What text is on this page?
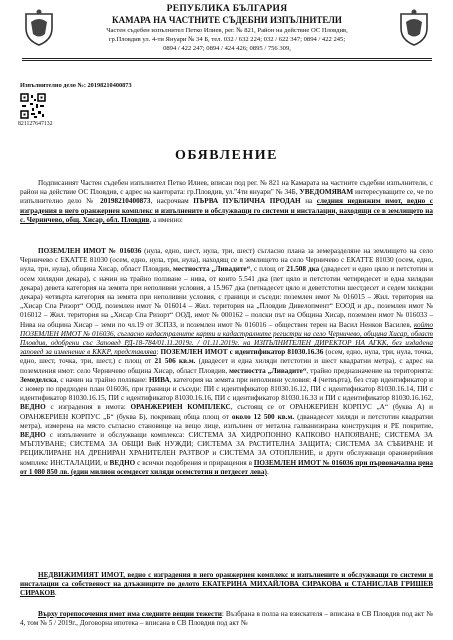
РЕПУБЛИКА БЪЛГАРИЯ
КАМАРА НА ЧАСТНИТЕ СЪДЕБНИ ИЗПЪЛНИТЕЛИ
Частен съдебен изпълнител Петко Илиев, рег. № 821, Район на действие ОС Пловдив,
гр.Пловдив ул. 4-ти Януари № 34 Б, тел. 032 / 632 224; 032 / 622 347; 0894 / 422 245;
0894 / 422 247; 0894 / 424 426; 0895 / 756 309,
Изпълнително дело №: 20198210400873
821127647132
ОБЯВЛЕНИЕ
Подписаният Частен съдебен изпълнител Петко Илиев, вписан под рег. № 821 на Камарата на частните съдебни изпълнители, с район на действие ОС Пловдив, с адрес на кантората: гр.Пловдив, ул."4ти януари" № 34Б, УВЕДОМЯВАМ интересуващите се, че по изпълнително дело № 20198210400873, насрочвам ПЪРВА ПУБЛИЧНА ПРОДАН на следния недвижим имот, ведно с изградения в него оранжериен комплекс и изпълнените и обслужващи го системи и инсталации, находящи се в землището на с. Черничево, общ. Хисар, обл. Пловдив, а именно:
ПОЗЕМЛЕН ИМОТ № 016036 (нула, едно, шест, нула, три, шест) съгласно плана за земеразделяне на землището на село Черничево с ЕКАТТЕ 81030 (осем, едно, нула, три, нула), находящ се в землището на село Черничево с ЕКАТТЕ 81030 (осем, едно, нула, три, нула), община Хисар, област Пловдив, местността „Ливадите“, с площ от 21.508 дка (двадесет и едно цяло и петстотин и осем хилядни декара), с начин на трайно ползване – нива, от които 5.541 дка (пет цяло и петстотин четиридесет и една хилядни декара) девета категория на земята при неполивни условия, а 15.967 дка (петнадесет цяло и деветстотин шестдесет и седем хилядни декара) четвърта категория на земята при неполивни условия, с граници и съседи: поземлен имот № 016015 – Жил. територия на „Хисар Спа Ризорт“ ООД, поземлен имот № 016014 – Жил. територия на „Пловдив Дивелопмент“ ЕООД и др., поземлен имот № 016012 – Жил. територия на „Хисар Спа Ризорт“ ООД, имот № 000162 – полски път на Община Хисар, поземлен имот № 016033 – Нива на община Хисар – земи по чл.19 от ЗСПЗЗ, и поземлен имот № 016016 – обществен терен на Васил Ненков Василев, който ПОЗЕМЛЕН ИМОТ № 016036, съгласно кадастралните карти и кадастралните регистри на село Черничево, община Хисар, област Пловдив, одобрени със Заповед РД-18-784/01.11.2019г. / 01.11.2019г. на ИЗПЪЛНИТЕЛЕН ДИРЕКТОР НА АГКК, без издадена заповед за изменение в КККР, представлява: ПОЗЕМЛЕН ИМОТ с идентификатор 81030.16.36 (осем, едно, нула, три, нула, точка, едно, шест, точка, три, шест,) с площ от 21 506 кв.м. (двадесет и една хиляди петстотин и шест квадратни метра), с адрес на поземления имот: село Черничево община Хисар, област Пловдив, местността „Ливадите“, трайно предназначение на територията: Земеделска, с начин на трайно ползване: НИВА, категория на земята при неполивни условия: 4 (четвърта), без стар идентификатор и с номер по предходен план 016036, при граници и съседи: ПИ с идентификатор 81030.16.12, ПИ с идентификатор 81030.16.14, ПИ с идентификатор 81030.16.15, ПИ с идентификатор 81030.16.16, ПИ с идентификатор 81030.16.33 и ПИ с идентификатор 81030.16.162, ВЕДНО с изградения в имота: ОРАНЖЕРИЕН КОМПЛЕКС, състоящ се от ОРАНЖЕРИЕН КОРПУС „А“ (буква А) и ОРАНЖЕРИЕН КОРПУС „Б“ (буква Б), покриващ обща площ от около 12 500 кв.м. (дванадесет хиляди и петстотин квадратни метра), измерена на място съгласно становище на вещо лице, изпълнен от метална галванизирана конструкция и PE покритие, ВЕДНО с изпълнените и обслужващи комплекса: СИСТЕМА ЗА ХИДРОПОННО КАПКОВО НАПОЯВАНЕ; СИСТЕМА ЗА МЪГЛУВАНЕ; СИСТЕМА ЗА ОБЩИ ВиК НУЖДИ; СИСТЕМА ЗА РАСТИТЕЛНА ЗАЩИТА; СИСТЕМА ЗА СЪБИРАНЕ И РЕЦИКЛИРАНЕ НА ДРЕНИРАН ХРАНИТЕЛЕН РАЗТВОР и СИСТЕМА ЗА ОТОПЛЕНИЕ, и други обслужващи оранжерийния комплекс ИНСТАЛАЦИИ, и ВЕДНО с всички подобрения и приращения в ПОЗЕМЛЕН ИМОТ № 016036 при първоначална цена от 1 080 850 лв. (един милион осемдесет хиляди осемстотин и петдесет лева).
НЕДВИЖИМИЯТ ИМОТ, ведно с изградения в него оранжериен комплекс и изпълнените и обслужващи го системи и инсталации са собственост на длъжниците по делото ЕКАТЕРИНА МИХАЙЛОВА СИРАКОВА и СТАНИСЛАВ ГРИШЕВ СИРАКОВ.
Върху горепосочения имот има следните вещни тежести: Възбрана в полза на взискателя – вписана в СВ Пловдив под акт № 4, том № 5 / 2019г., Договорна ипотека – вписана в СВ Пловдив под акт №
